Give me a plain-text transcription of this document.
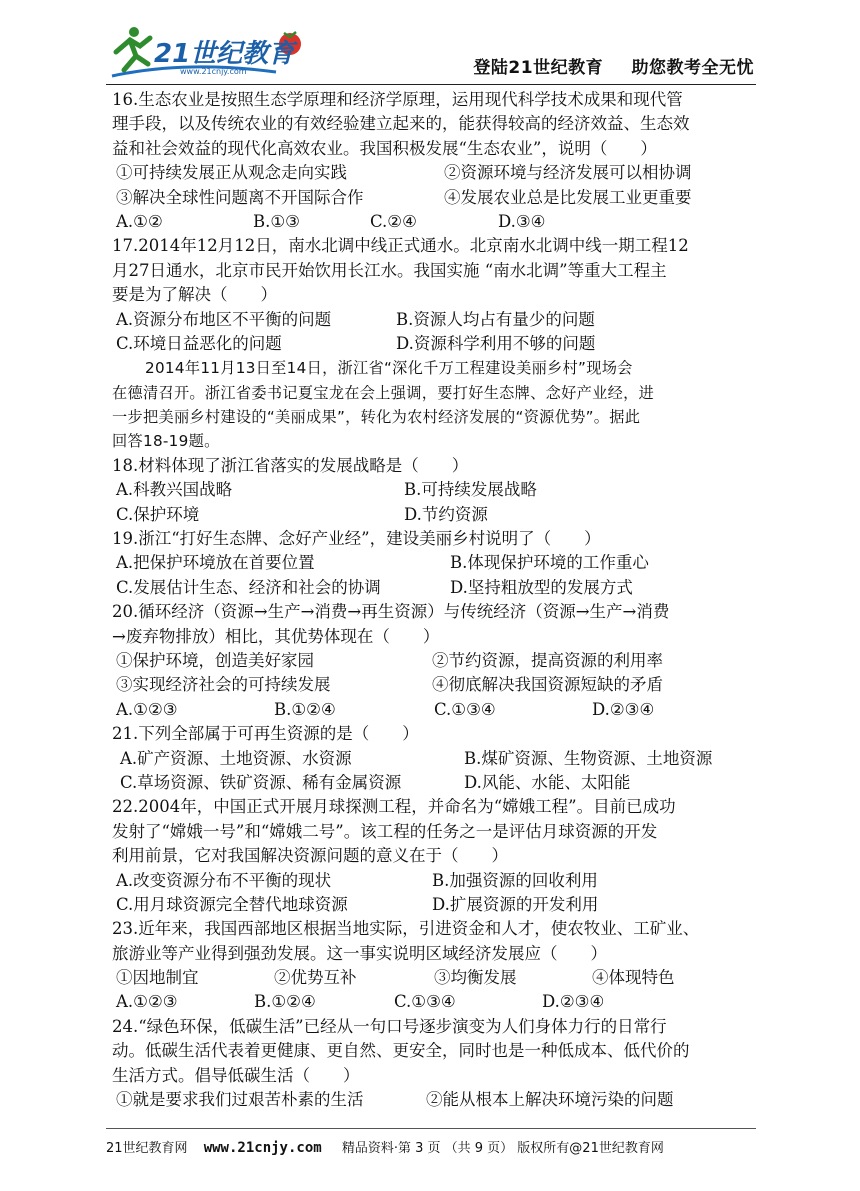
21世纪教育
www.21cnjy.com	登陆21世纪教育 助您教考全无忧
16.生态农业是按照生态学原理和经济学原理，运用现代科学技术成果和现代管
理手段，以及传统农业的有效经验建立起来的，能获得较高的经济效益、生态效
益和社会效益的现代化高效农业。我国积极发展“生态农业”，说明（　　）
①可持续发展正从观念走向实践	②资源环境与经济发展可以相协调
③解决全球性问题离不开国际合作	④发展农业总是比发展工业更重要
A.①②	B.①③	C.②④	D.③④
17.2014年12月12日，南水北调中线正式通水。北京南水北调中线一期工程12
月27日通水，北京市民开始饮用长江水。我国实施 “南水北调”等重大工程主
要是为了解决（　　）
A.资源分布地区不平衡的问题	B.资源人均占有量少的问题
C.环境日益恶化的问题	D.资源科学利用不够的问题
2014年11月13日至14日，浙江省“深化千万工程建设美丽乡村”现场会
在德清召开。浙江省委书记夏宝龙在会上强调，要打好生态牌、念好产业经，进
一步把美丽乡村建设的“美丽成果”，转化为农村经济发展的“资源优势”。据此
回答18-19题。
18.材料体现了浙江省落实的发展战略是（　　）
A.科教兴国战略	B.可持续发展战略
C.保护环境	D.节约资源
19.浙江“打好生态牌、念好产业经”，建设美丽乡村说明了（　　）
A.把保护环境放在首要位置	B.体现保护环境的工作重心
C.发展估计生态、经济和社会的协调	D.坚持粗放型的发展方式
20.循环经济（资源→生产→消费→再生资源）与传统经济（资源→生产→消费
→废弃物排放）相比，其优势体现在（　　）
①保护环境，创造美好家园	②节约资源，提高资源的利用率
③实现经济社会的可持续发展	④彻底解决我国资源短缺的矛盾
A.①②③	B.①②④	C.①③④	D.②③④
21.下列全部属于可再生资源的是（　　）
A.矿产资源、土地资源、水资源	B.煤矿资源、生物资源、土地资源
C.草场资源、铁矿资源、稀有金属资源	D.风能、水能、太阳能
22.2004年，中国正式开展月球探测工程，并命名为“嫦娥工程”。目前已成功
发射了“嫦娥一号”和“嫦娥二号”。该工程的任务之一是评估月球资源的开发
利用前景，它对我国解决资源问题的意义在于（　　）
A.改变资源分布不平衡的现状	B.加强资源的回收利用
C.用月球资源完全替代地球资源	D.扩展资源的开发利用
23.近年来，我国西部地区根据当地实际，引进资金和人才，使农牧业、工矿业、
旅游业等产业得到强劲发展。这一事实说明区域经济发展应（　　）
①因地制宜	②优势互补	③均衡发展	④体现特色
A.①②③	B.①②④	C.①③④	D.②③④
24.“绿色环保，低碳生活”已经从一句口号逐步演变为人们身体力行的日常行
动。低碳生活代表着更健康、更自然、更安全，同时也是一种低成本、低代价的
生活方式。倡导低碳生活（　　）
①就是要求我们过艰苦朴素的生活	②能从根本上解决环境污染的问题
21世纪教育网 www.21cnjy.com 精品资料·第 3 页 （共 9 页） 版权所有@21世纪教育网
